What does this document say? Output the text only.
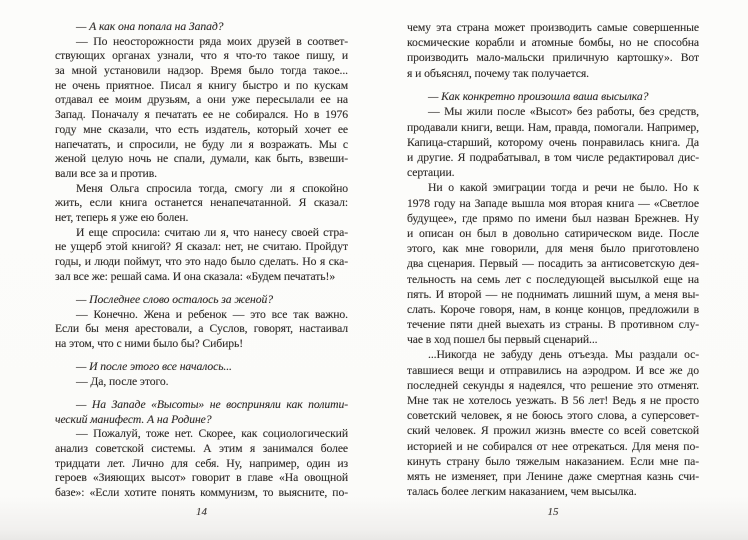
— А как она попала на Запад?
— По неосторожности ряда моих друзей в соответ-
ствующих органах узнали, что я что-то такое пишу, и
за мной установили надзор. Время было тогда такое...
не очень приятное. Писал я книгу быстро и по кускам
отдавал ее моим друзьям, а они уже пересылали ее на
Запад. Поначалу я печатать ее не собирался. Но в 1976
году мне сказали, что есть издатель, который хочет ее
напечатать, и спросили, не буду ли я возражать. Мы с
женой целую ночь не спали, думали, как быть, взвеши-
вали все за и против.
Меня Ольга спросила тогда, смогу ли я спокойно
жить, если книга останется ненапечатанной. Я сказал:
нет, теперь я уже ею болен.
И еще спросила: считаю ли я, что нанесу своей стра-
не ущерб этой книгой? Я сказал: нет, не считаю. Пройдут
годы, и люди поймут, что это надо было сделать. Но я ска-
зал все же: решай сама. И она сказала: «Будем печатать!»
— Последнее слово осталось за женой?
— Конечно. Жена и ребенок — это все так важно.
Если бы меня арестовали, а Суслов, говорят, настаивал
на этом, что с ними было бы? Сибирь!
— И после этого все началось...
— Да, после этого.
— На Западе «Высоты» не восприняли как полити-
ческий манифест. А на Родине?
— Пожалуй, тоже нет. Скорее, как социологический
анализ советской системы. А этим я занимался более
тридцати лет. Лично для себя. Ну, например, один из
героев «Зияющих высот» говорит в главе «На овощной
базе»: «Если хотите понять коммунизм, то выясните, по-
чему эта страна может производить самые совершенные
космические корабли и атомные бомбы, но не способна
производить мало-мальски приличную картошку». Вот
я и объяснял, почему так получается.
— Как конкретно произошла ваша высылка?
— Мы жили после «Высот» без работы, без средств,
продавали книги, вещи. Нам, правда, помогали. Например,
Капица-старший, которому очень понравилась книга. Да
и другие. Я подрабатывал, в том числе редактировал дис-
сертации.
Ни о какой эмиграции тогда и речи не было. Но к
1978 году на Западе вышла моя вторая книга — «Светлое
будущее», где прямо по имени был назван Брежнев. Ну
и описан он был в довольно сатирическом виде. После
этого, как мне говорили, для меня было приготовлено
два сценария. Первый — посадить за антисоветскую дея-
тельность на семь лет с последующей высылкой еще на
пять. И второй — не поднимать лишний шум, а меня вы-
слать. Короче говоря, нам, в конце концов, предложили в
течение пяти дней выехать из страны. В противном слу-
чае в ход пошел бы первый сценарий...
...Никогда не забуду день отъезда. Мы раздали ос-
тавшиеся вещи и отправились на аэродром. И все же до
последней секунды я надеялся, что решение это отменят.
Мне так не хотелось уезжать. В 56 лет! Ведь я не просто
советский человек, я не боюсь этого слова, а суперсовет-
ский человек. Я прожил жизнь вместе со всей советской
историей и не собирался от нее отрекаться. Для меня по-
кинуть страну было тяжелым наказанием. Если мне па-
мять не изменяет, при Ленине даже смертная казнь счи-
талась более легким наказанием, чем высылка.
14	15
